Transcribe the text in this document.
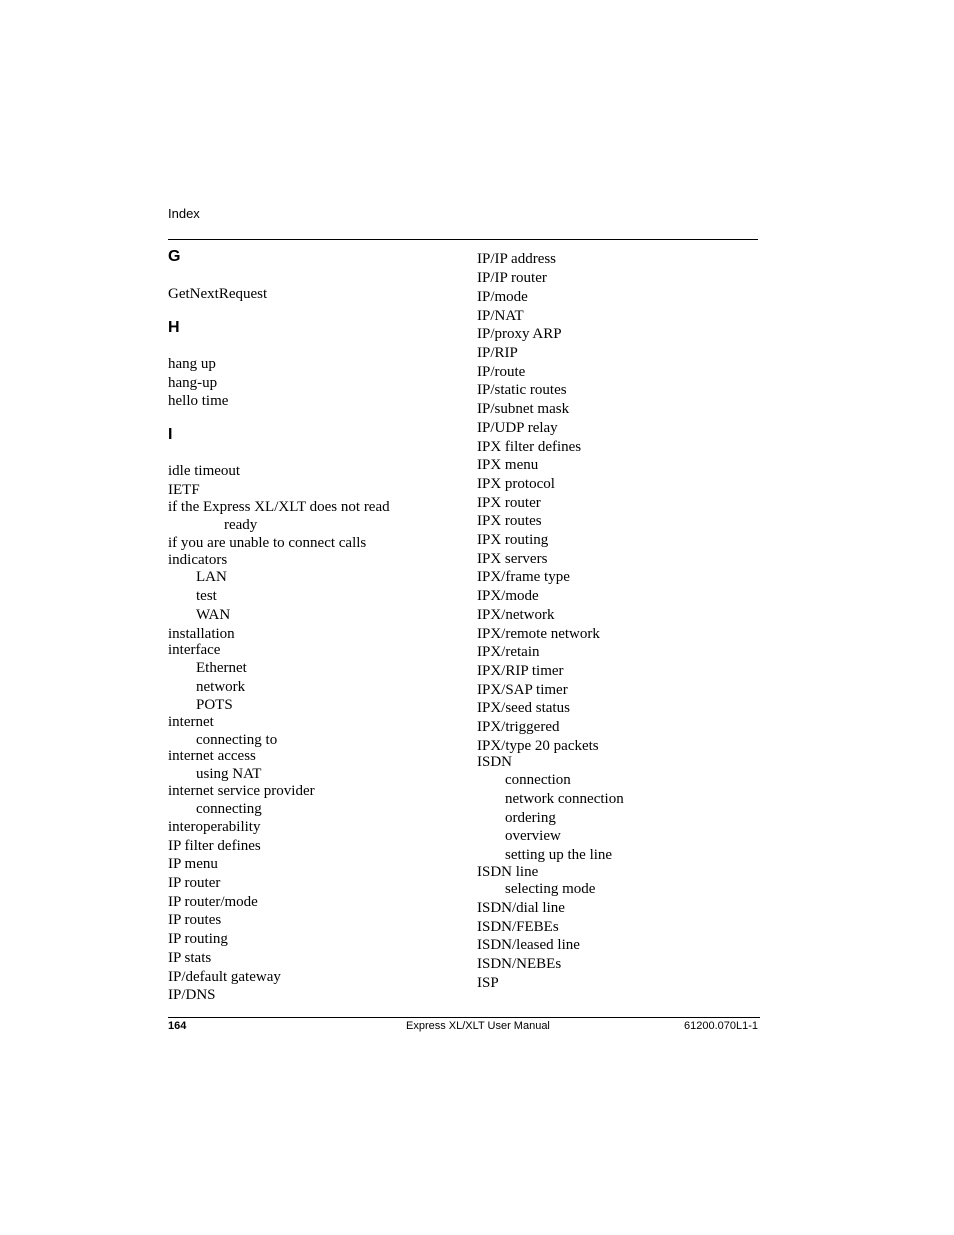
Index
G
GetNextRequest
H
hang up
hang-up
hello time
I
idle timeout
IETF
if the Express XL/XLT does not read
ready
if you are unable to connect calls
indicators
LAN
test
WAN
installation
interface
Ethernet
network
POTS
internet
connecting to
internet access
using NAT
internet service provider
connecting
interoperability
IP filter defines
IP menu
IP router
IP router/mode
IP routes
IP routing
IP stats
IP/default gateway
IP/DNS
IP/IP address
IP/IP router
IP/mode
IP/NAT
IP/proxy ARP
IP/RIP
IP/route
IP/static routes
IP/subnet mask
IP/UDP relay
IPX filter defines
IPX menu
IPX protocol
IPX router
IPX routes
IPX routing
IPX servers
IPX/frame type
IPX/mode
IPX/network
IPX/remote network
IPX/retain
IPX/RIP timer
IPX/SAP timer
IPX/seed status
IPX/triggered
IPX/type 20 packets
ISDN
connection
network connection
ordering
overview
setting up the line
ISDN line
selecting mode
ISDN/dial line
ISDN/FEBEs
ISDN/leased line
ISDN/NEBEs
ISP
164	Express XL/XLT User Manual	61200.070L1-1
